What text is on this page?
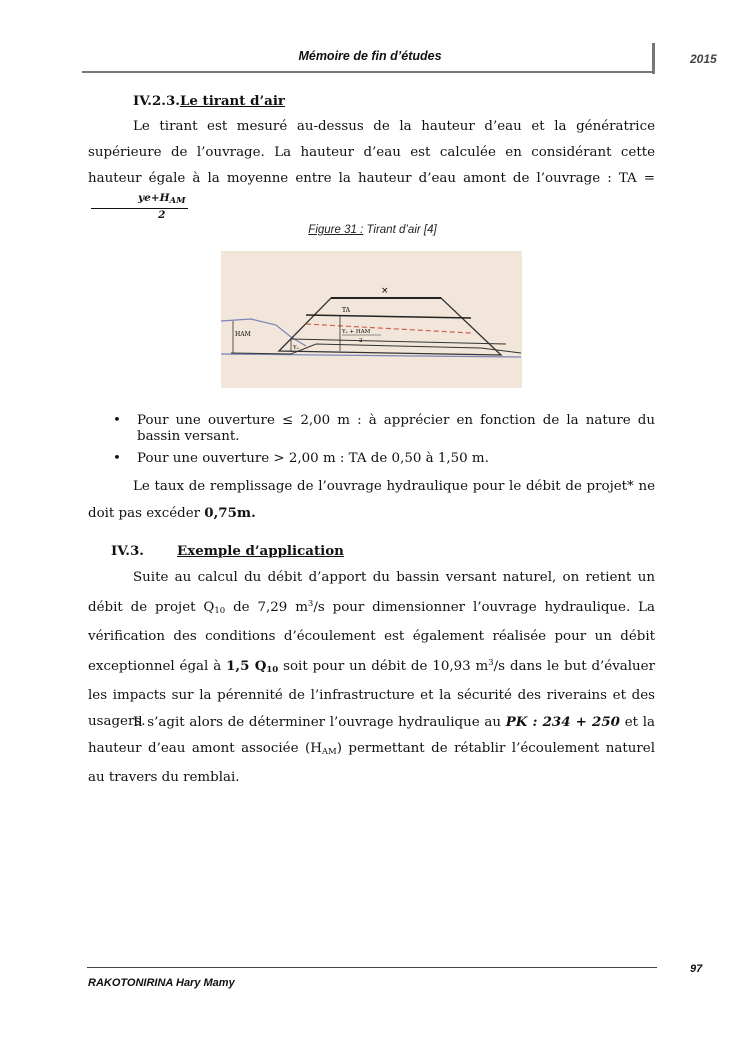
Mémoire de fin d’études	2015
IV.2.3.Le tirant d’air
Le tirant est mesuré au-dessus de la hauteur d’eau et la génératrice supérieure de l’ouvrage. La hauteur d’eau est calculée en considérant cette hauteur égale à la moyenne entre la hauteur d’eau amont de l’ouvrage : TA =
$\frac{ye+H_{AM}}{2}$
Figure 31 : Tirant d’air [4]
HAM
TA
Yₑ + HAM
2
Yₑ
×
• Pour une ouverture ≤ 2,00 m : à apprécier en fonction de la nature du bassin versant.
• Pour une ouverture > 2,00 m : TA de 0,50 à 1,50 m.
Le taux de remplissage de l’ouvrage hydraulique pour le débit de projet* ne doit pas excéder 0,75m.
IV.3. Exemple d’application
Suite au calcul du débit d’apport du bassin versant naturel, on retient un débit de projet $Q_{10}$ de 7,29 $m^3/s$ pour dimensionner l’ouvrage hydraulique. La vérification des conditions d’écoulement est également réalisée pour un débit exceptionnel égal à 1,5 $Q_{10}$ soit pour un débit de 10,93 $m^3/s$ dans le but d’évaluer les impacts sur la pérennité de l’infrastructure et la sécurité des riverains et des usagers.
Il s’agit alors de déterminer l’ouvrage hydraulique au PK : 234 + 250 et la hauteur d’eau amont associée $(H_{AM})$ permettant de rétablir l’écoulement naturel au travers du remblai.
97
RAKOTONIRINA Hary Mamy
